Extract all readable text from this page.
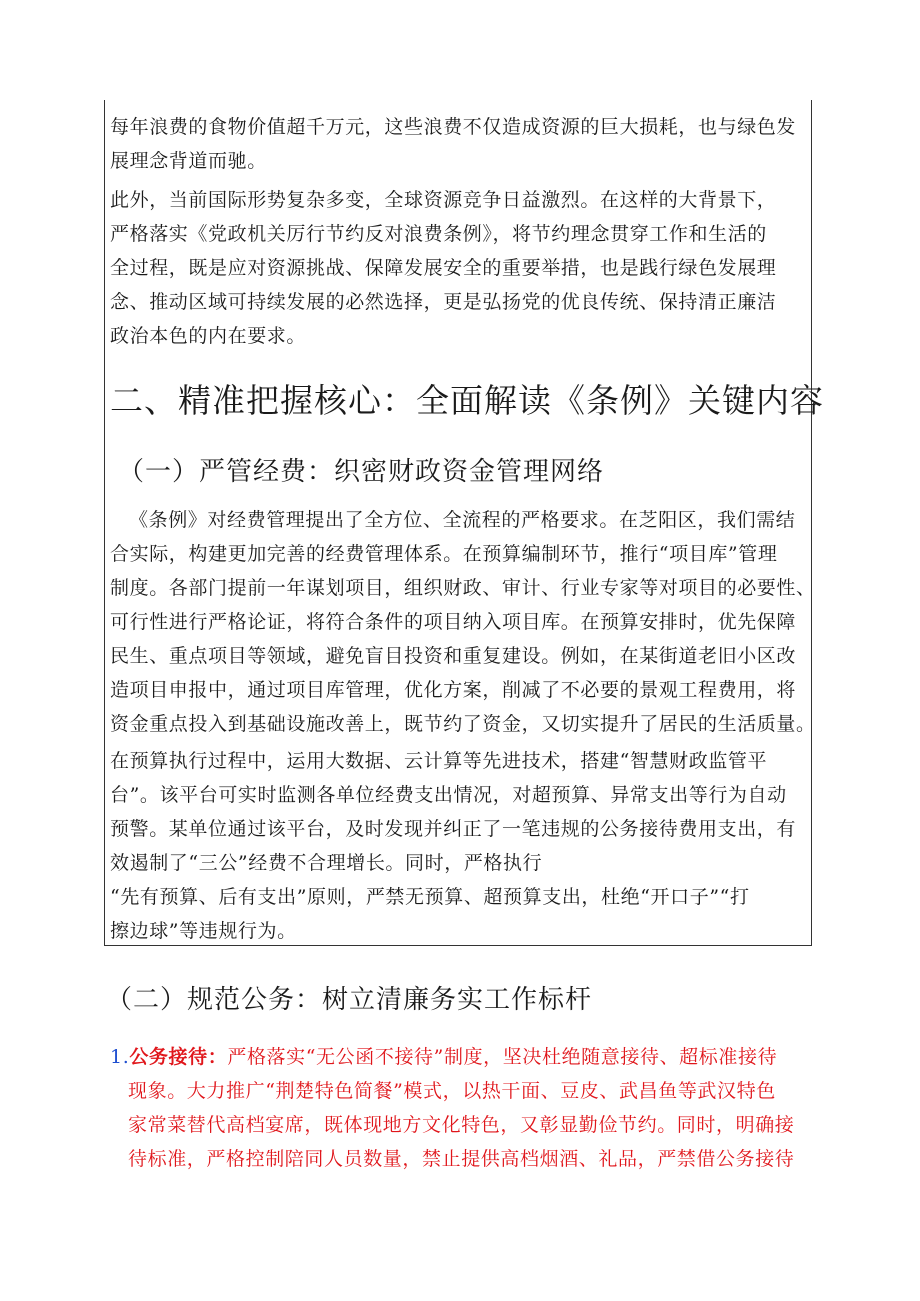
每年浪费的食物价值超千万元，这些浪费不仅造成资源的巨大损耗，也与绿色发
展理念背道而驰。

此外，当前国际形势复杂多变，全球资源竞争日益激烈。在这样的大背景下，
严格落实《党政机关厉行节约反对浪费条例》，将节约理念贯穿工作和生活的
全过程，既是应对资源挑战、保障发展安全的重要举措，也是践行绿色发展理
念、推动区域可持续发展的必然选择，更是弘扬党的优良传统、保持清正廉洁
政治本色的内在要求。

二、精准把握核心：全面解读《条例》关键内容
（一）严管经费：织密财政资金管理网络

《条例》对经费管理提出了全方位、全流程的严格要求。在芝阳区，我们需结
合实际，构建更加完善的经费管理体系。在预算编制环节，推行“项目库”管理
制度。各部门提前一年谋划项目，组织财政、审计、行业专家等对项目的必要性、
可行性进行严格论证，将符合条件的项目纳入项目库。在预算安排时，优先保障
民生、重点项目等领域，避免盲目投资和重复建设。例如，在某街道老旧小区改
造项目申报中，通过项目库管理，优化方案，削减了不必要的景观工程费用，将
资金重点投入到基础设施改善上，既节约了资金，又切实提升了居民的生活质量。

在预算执行过程中，运用大数据、云计算等先进技术，搭建“智慧财政监管平
台”。该平台可实时监测各单位经费支出情况，对超预算、异常支出等行为自动
预警。某单位通过该平台，及时发现并纠正了一笔违规的公务接待费用支出，有
效遏制了“三公”经费不合理增长。同时，严格执行
“先有预算、后有支出”原则，严禁无预算、超预算支出，杜绝“开口子”“打
擦边球”等违规行为。

（二）规范公务：树立清廉务实工作标杆

1.公务接待：严格落实“无公函不接待”制度，坚决杜绝随意接待、超标准接待
现象。大力推广“荆楚特色简餐”模式，以热干面、豆皮、武昌鱼等武汉特色
家常菜替代高档宴席，既体现地方文化特色，又彰显勤俭节约。同时，明确接
待标准，严格控制陪同人员数量，禁止提供高档烟酒、礼品，严禁借公务接待
